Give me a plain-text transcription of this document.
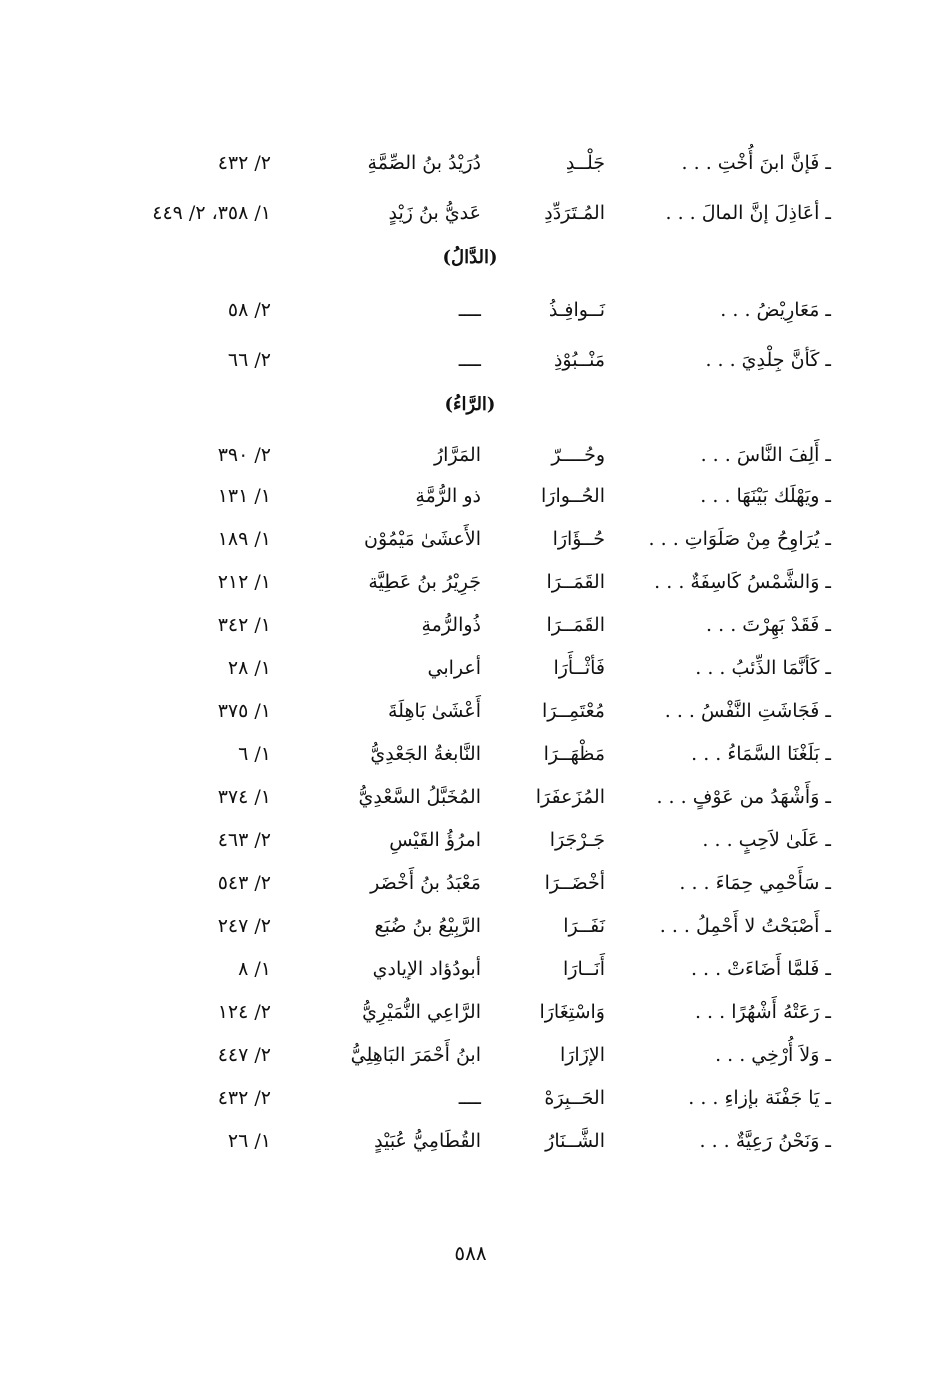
ـ فَإنَّ ابنَ أُخْتِ . . .
جَلْــدِ
دُرَيْدُ بنُ الصِّمَّةِ
٢/ ٤٣٢
ـ أعَاذِلَ إنَّ المالَ . . .
المُـتَرَدِّدِ
عَديُّ بنُ زَيْدٍ
١/ ٣٥٨، ٢/ ٤٤٩
(الدَّالُ)
ـ مَعَارِيْضُ . . .
نَــوافِـذُ
ــــ
٢/ ٥٨
ـ كَأنَّ جِلْدِيَ . . .
مَنْــبُوْذِ
ــــ
٢/ ٦٦
(الرَّاءُ)
ـ أَلِفَ النَّاسَ . . .
وحُــــرّ
المَرَّارُ
٢/ ٣٩٠
ـ ويَهْلَك بَيْنَهَا . . .
الحُــوارَا
ذو الرُّمَّةِ
١/ ١٣١
ـ يُرَاوِحُ مِنْ صَلَوَاتِ . . .
حُــؤَارَا
الأَعشَىٰ مَيْمُوْن
١/ ١٨٩
ـ وَالشَّمْسُ كَاسِفَةٌ . . .
القَمَــرَا
جَرِيْرُ بنُ عَطِيَّة
١/ ٢١٢
ـ فَقَدْ بَهِرْتَ . . .
القَمَــرَا
ذُوالرُّمةِ
١/ ٣٤٢
ـ كَأنَّمَا الذِّئبُ . . .
فَأثْــأَرَا
أعرابي
١/ ٢٨
ـ فَجَاشَتِ النَّفْسُ . . .
مُعْتَمِــرَا
أَعْشَىٰ بَاهِلَةَ
١/ ٣٧٥
ـ بَلَغْنَا السَّمَاءُ . . .
مَظْهَــرَا
النَّابغةُ الجَعْدِيُّ
١/ ٦
ـ وَأَشْهَدُ من عَوْفٍ . . .
المُزَعفَرَا
المُخَبَّلُ السَّعْدِيُّ
١/ ٣٧٤
ـ عَلَىٰ لاَحِبٍ . . .
جَـرْجَرَا
امرُؤُ القَيْسِ
٢/ ٤٦٣
ـ سَأَحْمِي حِمَاءَ . . .
أخْضَــرَا
مَعْبَدُ بنُ أَخْضَر
٢/ ٥٤٣
ـ أَصْبَحْتُ لا أَحْمِلُ . . .
نَفَــرَا
الرَّبِيْعُ بنُ ضُبَع
٢/ ٢٤٧
ـ فَلمَّا أَضَاءَتْ . . .
أَنَــارَا
أبودُؤاد الإيادي
١/ ٨
ـ رَعَتْهُ أَشْهُرًا . . .
وَاسْتِغَارَا
الرَّاعِي النُّمَيْرِيُّ
٢/ ١٢٤
ـ وَلاَ أُرْخِي . . .
الإزَارَا
ابنُ أَحْمَرَ البَاهِلِيُّ
٢/ ٤٤٧
ـ يَا جَفْنَة بإزاءِ . . .
الحَــبِرَهْ
ــــ
٢/ ٤٣٢
ـ وَنَحْنُ رَعِيَّةٌ . . .
الشَّــنَارُ
القُطَامِيُّ عُبَيْدٍ
١/ ٢٦
٥٨٨
